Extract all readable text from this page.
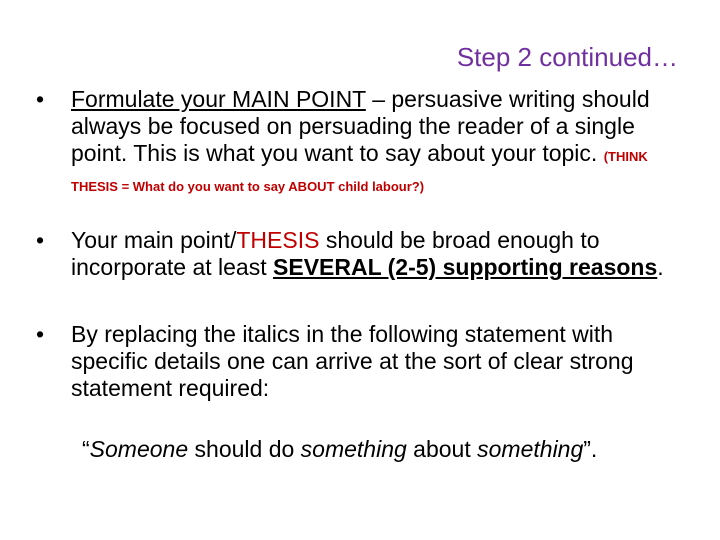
Step 2 continued…
• Formulate your MAIN POINT – persuasive writing should always be focused on persuading the reader of a single point. This is what you want to say about your topic. (THINK THESIS = What do you want to say ABOUT child labour?)
• Your main point/THESIS should be broad enough to incorporate at least SEVERAL (2-5) supporting reasons.
• By replacing the italics in the following statement with specific details one can arrive at the sort of clear strong statement required:
“Someone should do something about something”.
